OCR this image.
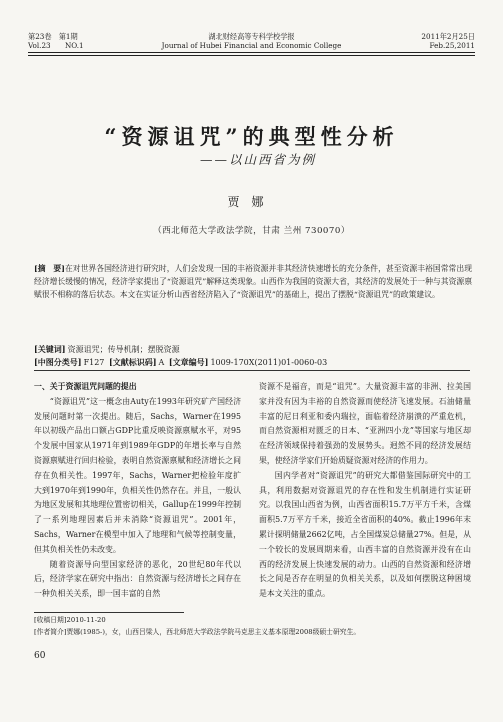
第23卷　第1期
Vol.23　　NO.1
湖北财经高等专科学校学报
Journal of Hubei Financial and Economic College
2011年2月25日
Feb.25,2011
“资源诅咒”的典型性分析
——以山西省为例
贾娜
（西北师范大学政法学院，甘肃 兰州 730070）

[摘　要]在对世界各国经济进行研究时，人们会发现一国的丰裕资源并非其经济快速增长的充分条件，甚至资源丰裕国常常出现经济增长缓慢的情况，经济学家提出了“资源诅咒”解释这类现象。山西作为我国的资源大省，其经济的发展处于一种与其资源禀赋很不相称的落后状态。本文在实证分析山西省经济陷入了“资源诅咒”的基础上，提出了摆脱“资源诅咒”的政策建议。

[关键词] 资源诅咒；传导机制；摆脱资源
[中图分类号] F127 [文献标识码] A [文章编号] 1009-170X(2011)01-0060-03

一、关于资源诅咒问题的提出

“资源诅咒”这一概念由Auty在1993年研究矿产国经济发展问题时第一次提出。随后，Sachs，Warner在1995年以初级产品出口额占GDP比重反映资源禀赋水平，对95个发展中国家从1971年到1989年GDP的年增长率与自然资源禀赋进行回归检验，表明自然资源禀赋和经济增长之间存在负相关性。1997年，Sachs，Warner把检验年度扩大到1970年到1990年，负相关性仍然存在。并且，一般认为地区发展和其地理位置密切相关，Gallup在1999年控制了一系列地理因素后并未消除“资源诅咒”。2001年，Sachs，Warner在模型中加入了地理和气候等控制变量，但其负相关性仍未改变。

随着资源导向型国家经济的恶化，20世纪80年代以后，经济学家在研究中指出：自然资源与经济增长之间存在一种负相关关系，即一国丰富的自然

资源不是福音，而是“诅咒”。大量资源丰富的非洲、拉美国家并没有因为丰裕的自然资源而使经济飞速发展。石油储量丰富的尼日利亚和委内瑞拉，面临着经济崩溃的严重危机，而自然资源相对匮乏的日本、“亚洲四小龙”等国家与地区却在经济领域保持着强劲的发展势头。迥然不同的经济发展结果，使经济学家们开始质疑资源对经济的作用力。

国内学者对“资源诅咒”的研究大都借鉴国际研究中的工具，利用数据对资源诅咒的存在性和发生机制进行实证研究。以我国山西省为例，山西省面积15.7万平方千米，含煤面积5.7万平方千米，接近全省面积的40%。截止1996年末累计探明储量2662亿吨，占全国煤炭总储量27%。但是，从一个较长的发展周期来看，山西丰富的自然资源并没有在山西的经济发展上快速发展的动力。山西的自然资源和经济增长之间是否存在明显的负相关关系，以及如何摆脱这种困境是本文关注的重点。

[收稿日期]2010-11-20

[作者简介]贾娜(1985-)，女，山西吕梁人，西北师范大学政法学院马克思主义基本原理2008级硕士研究生。

60
